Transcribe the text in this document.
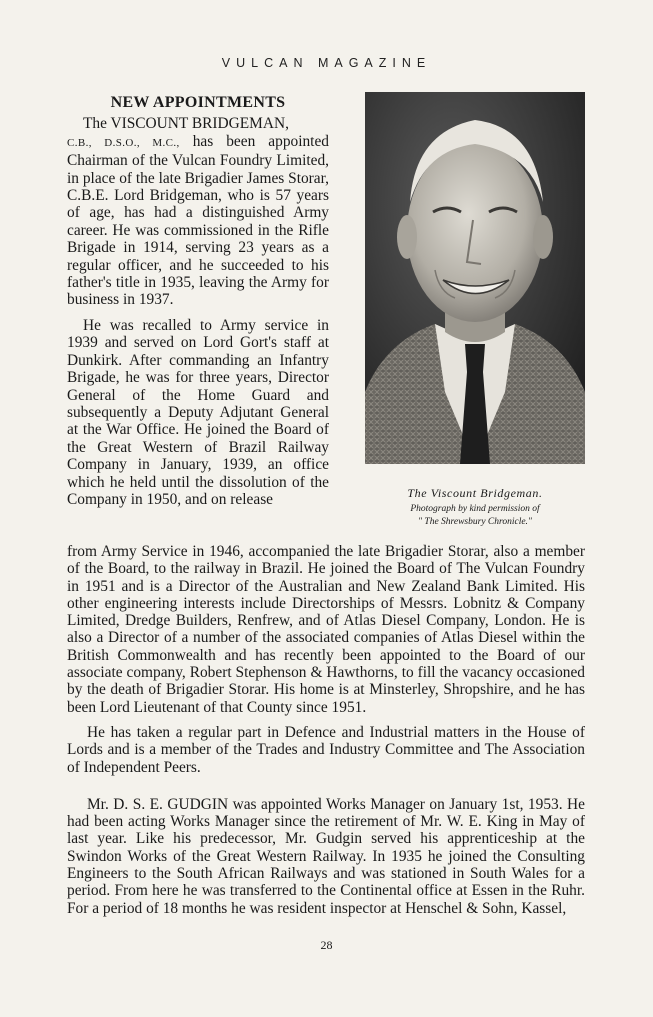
VULCAN MAGAZINE
NEW APPOINTMENTS

The VISCOUNT BRIDGEMAN,
C.B., D.S.O., M.C., has been appointed Chairman of the Vulcan Foundry Limited, in place of the late Brigadier James Storar, C.B.E. Lord Bridgeman, who is 57 years of age, has had a distinguished Army career. He was commissioned in the Rifle Brigade in 1914, serving 23 years as a regular officer, and he succeeded to his father's title in 1935, leaving the Army for business in 1937.

He was recalled to Army service in 1939 and served on Lord Gort's staff at Dunkirk. After commanding an Infantry Brigade, he was for three years, Director General of the Home Guard and subsequently a Deputy Adjutant General at the War Office. He joined the Board of the Great Western of Brazil Railway Company in January, 1939, an office which he held until the dissolution of the Company in 1950, and on release	The Viscount Bridgeman.
Photograph by kind permission of
" The Shrewsbury Chronicle."

from Army Service in 1946, accompanied the late Brigadier Storar, also a member of the Board, to the railway in Brazil. He joined the Board of The Vulcan Foundry in 1951 and is a Director of the Australian and New Zealand Bank Limited. His other engineering interests include Directorships of Messrs. Lobnitz & Company Limited, Dredge Builders, Renfrew, and of Atlas Diesel Company, London. He is also a Director of a number of the associated companies of Atlas Diesel within the British Commonwealth and has recently been appointed to the Board of our associate company, Robert Stephenson & Hawthorns, to fill the vacancy occasioned by the death of Brigadier Storar. His home is at Minsterley, Shropshire, and he has been Lord Lieutenant of that County since 1951.

He has taken a regular part in Defence and Industrial matters in the House of Lords and is a member of the Trades and Industry Committee and The Association of Independent Peers.

Mr. D. S. E. GUDGIN was appointed Works Manager on January 1st, 1953. He had been acting Works Manager since the retirement of Mr. W. E. King in May of last year. Like his predecessor, Mr. Gudgin served his apprenticeship at the Swindon Works of the Great Western Railway. In 1935 he joined the Consulting Engineers to the South African Railways and was stationed in South Wales for a period. From here he was transferred to the Continental office at Essen in the Ruhr. For a period of 18 months he was resident inspector at Henschel & Sohn, Kassel,

28
